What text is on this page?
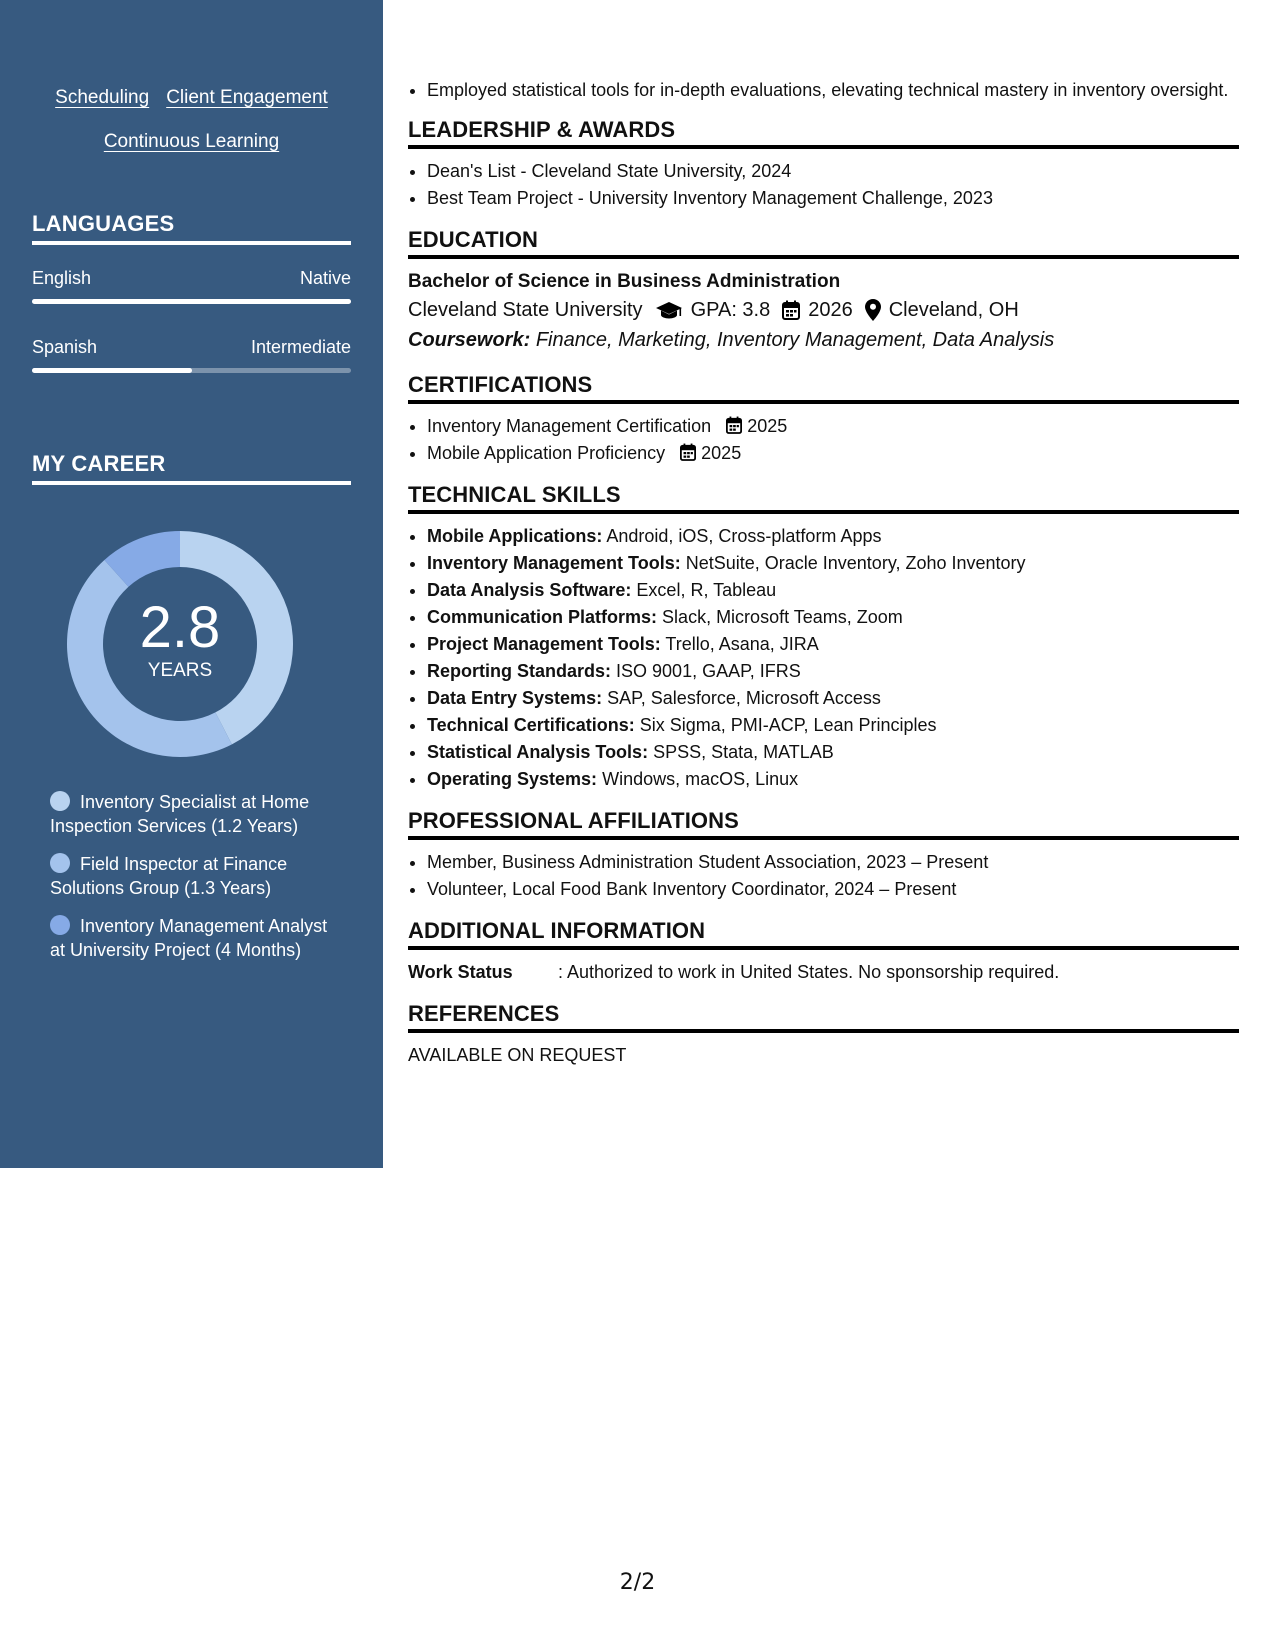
Scheduling Client Engagement
Continuous Learning
LANGUAGES
English	Native
Spanish	Intermediate
MY CAREER
2.8
YEARS
Inventory Specialist at Home Inspection Services (1.2 Years)
Field Inspector at Finance Solutions Group (1.3 Years)
Inventory Management Analyst at University Project (4 Months)
• Employed statistical tools for in-depth evaluations, elevating technical mastery in inventory oversight.
LEADERSHIP & AWARDS
• Dean's List - Cleveland State University, 2024
• Best Team Project - University Inventory Management Challenge, 2023
EDUCATION
Bachelor of Science in Business Administration
Cleveland State University GPA: 3.8 2026 Cleveland, OH
Coursework: Finance, Marketing, Inventory Management, Data Analysis
CERTIFICATIONS
• Inventory Management Certification 2025
• Mobile Application Proficiency 2025
TECHNICAL SKILLS
• Mobile Applications: Android, iOS, Cross-platform Apps
• Inventory Management Tools: NetSuite, Oracle Inventory, Zoho Inventory
• Data Analysis Software: Excel, R, Tableau
• Communication Platforms: Slack, Microsoft Teams, Zoom
• Project Management Tools: Trello, Asana, JIRA
• Reporting Standards: ISO 9001, GAAP, IFRS
• Data Entry Systems: SAP, Salesforce, Microsoft Access
• Technical Certifications: Six Sigma, PMI-ACP, Lean Principles
• Statistical Analysis Tools: SPSS, Stata, MATLAB
• Operating Systems: Windows, macOS, Linux
PROFESSIONAL AFFILIATIONS
• Member, Business Administration Student Association, 2023 – Present
• Volunteer, Local Food Bank Inventory Coordinator, 2024 – Present
ADDITIONAL INFORMATION
Work Status	: Authorized to work in United States. No sponsorship required.
REFERENCES
AVAILABLE ON REQUEST
2/2
